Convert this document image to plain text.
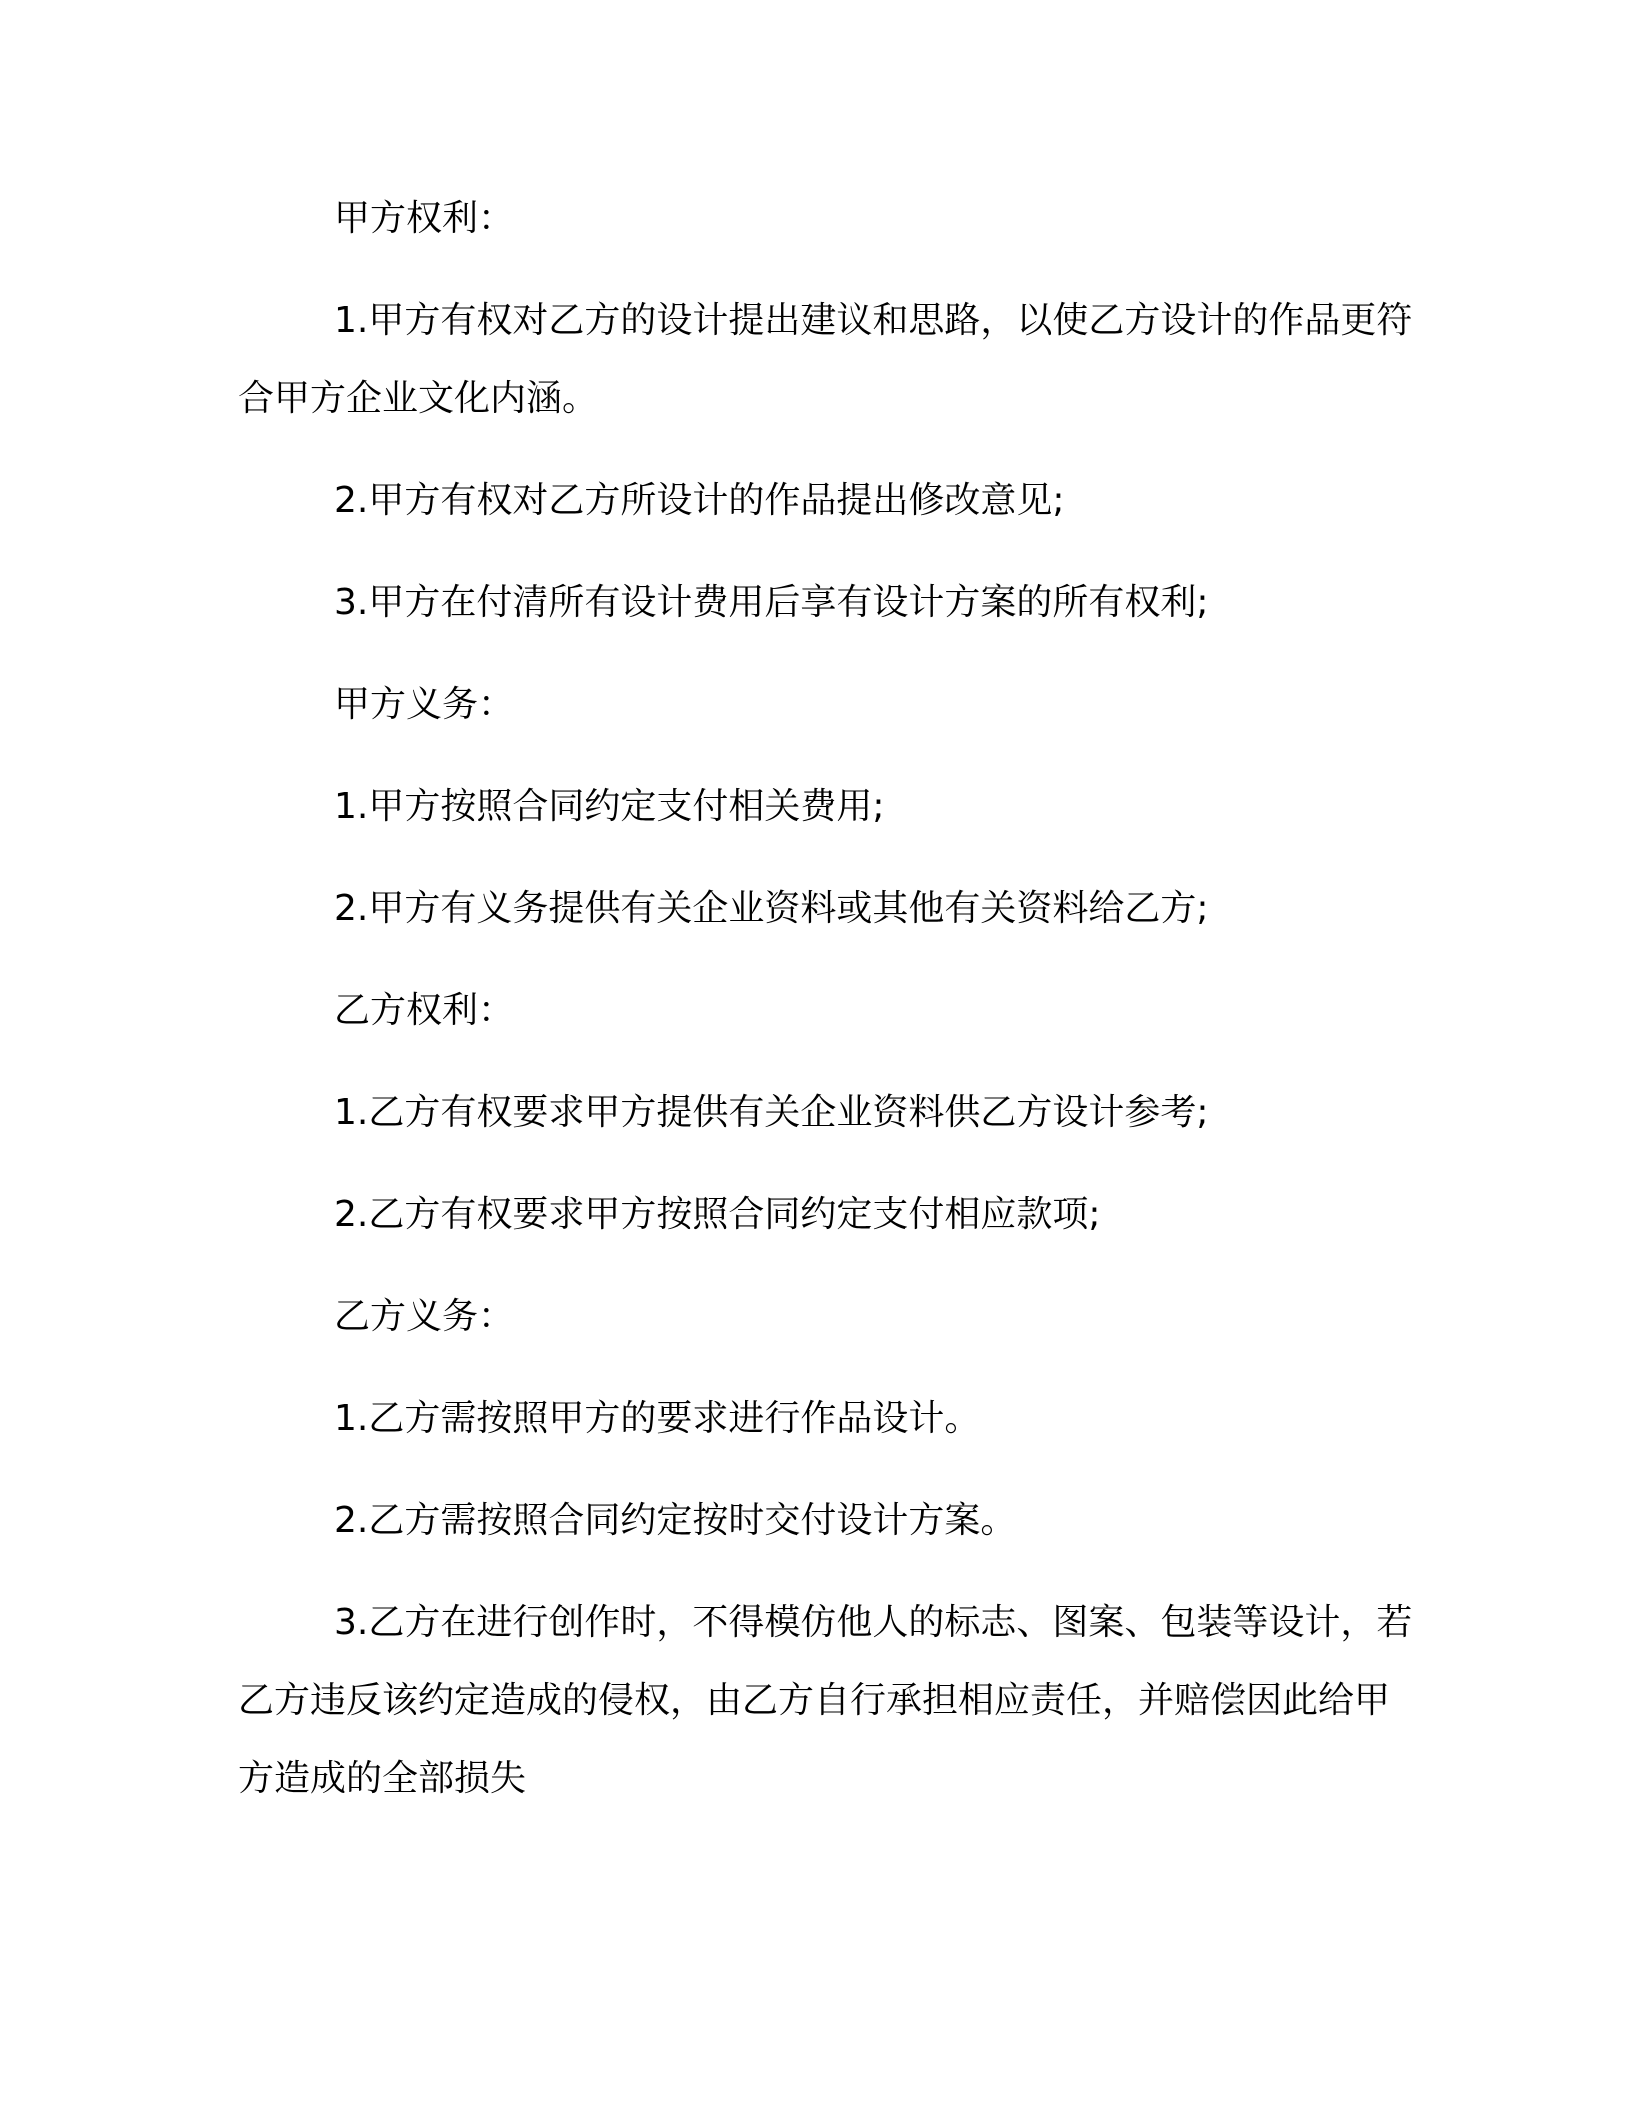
甲方权利：

1.甲方有权对乙方的设计提出建议和思路，以使乙方设计的作品更符合甲方企业文化内涵。

2.甲方有权对乙方所设计的作品提出修改意见;

3.甲方在付清所有设计费用后享有设计方案的所有权利;

甲方义务：

1.甲方按照合同约定支付相关费用;

2.甲方有义务提供有关企业资料或其他有关资料给乙方;

乙方权利：

1.乙方有权要求甲方提供有关企业资料供乙方设计参考;

2.乙方有权要求甲方按照合同约定支付相应款项;

乙方义务：

1.乙方需按照甲方的要求进行作品设计。

2.乙方需按照合同约定按时交付设计方案。

3.乙方在进行创作时，不得模仿他人的标志、图案、包装等设计，若乙方违反该约定造成的侵权，由乙方自行承担相应责任，并赔偿因此给甲方造成的全部损失
